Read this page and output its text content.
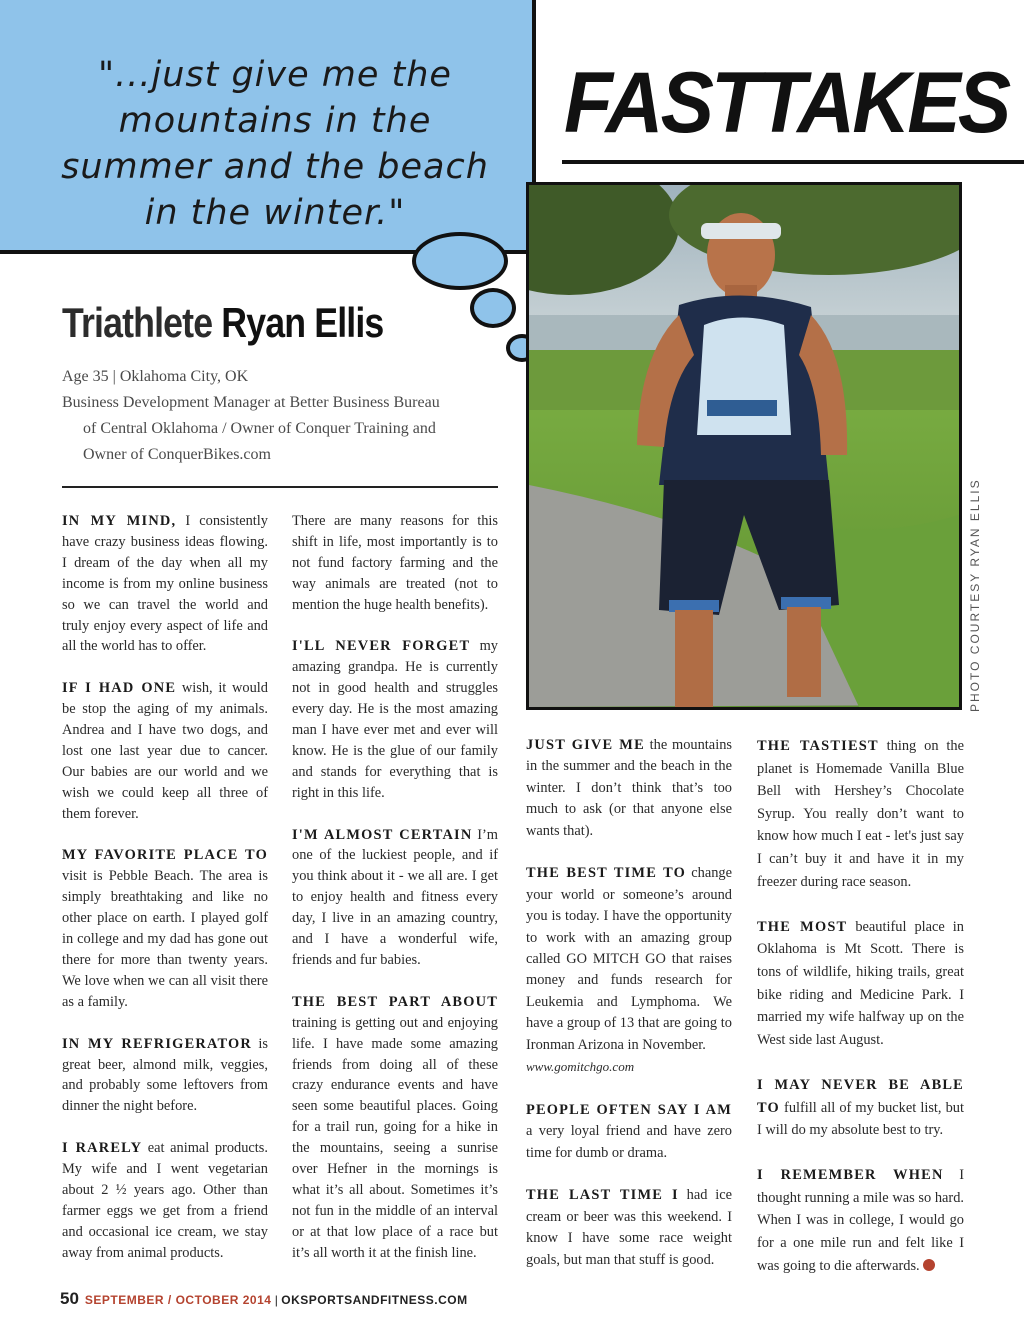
"...just give me the mountains in the summer and the beach in the winter."
FASTTAKES
PHOTO COURTESY RYAN ELLIS
Triathlete Ryan Ellis
Age 35 | Oklahoma City, OK
Business Development Manager at Better Business Bureau
of Central Oklahoma / Owner of Conquer Training and
Owner of ConquerBikes.com

IN MY MIND, I consistently have crazy business ideas flowing. I dream of the day when all my income is from my online business so we can travel the world and truly enjoy every aspect of life and all the world has to offer.

IF I HAD ONE wish, it would be stop the aging of my animals. Andrea and I have two dogs, and lost one last year due to cancer. Our babies are our world and we wish we could keep all three of them forever.

MY FAVORITE PLACE TO visit is Pebble Beach. The area is simply breathtaking and like no other place on earth. I played golf in college and my dad has gone out there for more than twenty years. We love when we can all visit there as a family.

IN MY REFRIGERATOR is great beer, almond milk, veggies, and probably some leftovers from dinner the night before.

I RARELY eat animal products. My wife and I went vegetarian about 2 ½ years ago. Other than farmer eggs we get from a friend and occasional ice cream, we stay away from animal products.

There are many reasons for this shift in life, most importantly is to not fund factory farming and the way animals are treated (not to mention the huge health benefits).

I'LL NEVER FORGET my amazing grandpa. He is currently not in good health and struggles every day. He is the most amazing man I have ever met and ever will know. He is the glue of our family and stands for everything that is right in this life.

I'M ALMOST CERTAIN I’m one of the luckiest people, and if you think about it - we all are. I get to enjoy health and fitness every day, I live in an amazing country, and I have a wonderful wife, friends and fur babies.

THE BEST PART ABOUT training is getting out and enjoying life. I have made some amazing friends from doing all of these crazy endurance events and have seen some beautiful places. Going for a trail run, going for a hike in the mountains, seeing a sunrise over Hefner in the mornings is what it’s all about. Sometimes it’s not fun in the middle of an interval or at that low place of a race but it’s all worth it at the finish line.

JUST GIVE ME the mountains in the summer and the beach in the winter. I don’t think that’s too much to ask (or that anyone else wants that).

THE BEST TIME TO change your world or someone’s around you is today. I have the opportunity to work with an amazing group called GO MITCH GO that raises money and funds research for Leukemia and Lymphoma. We have a group of 13 that are going to Ironman Arizona in November.
www.gomitchgo.com

PEOPLE OFTEN SAY I AM a very loyal friend and have zero time for dumb or drama.

THE LAST TIME I had ice cream or beer was this weekend. I know I have some race weight goals, but man that stuff is good.

THE TASTIEST thing on the planet is Homemade Vanilla Blue Bell with Hershey’s Chocolate Syrup. You really don’t want to know how much I eat - let's just say I can’t buy it and have it in my freezer during race season.

THE MOST beautiful place in Oklahoma is Mt Scott. There is tons of wildlife, hiking trails, great bike riding and Medicine Park. I married my wife halfway up on the West side last August.

I MAY NEVER BE ABLE TO fulfill all of my bucket list, but I will do my absolute best to try.

I REMEMBER WHEN I thought running a mile was so hard. When I was in college, I would go for a one mile run and felt like I was going to die afterwards.

50 SEPTEMBER / OCTOBER 2014 | OKSPORTSANDFITNESS.COM
